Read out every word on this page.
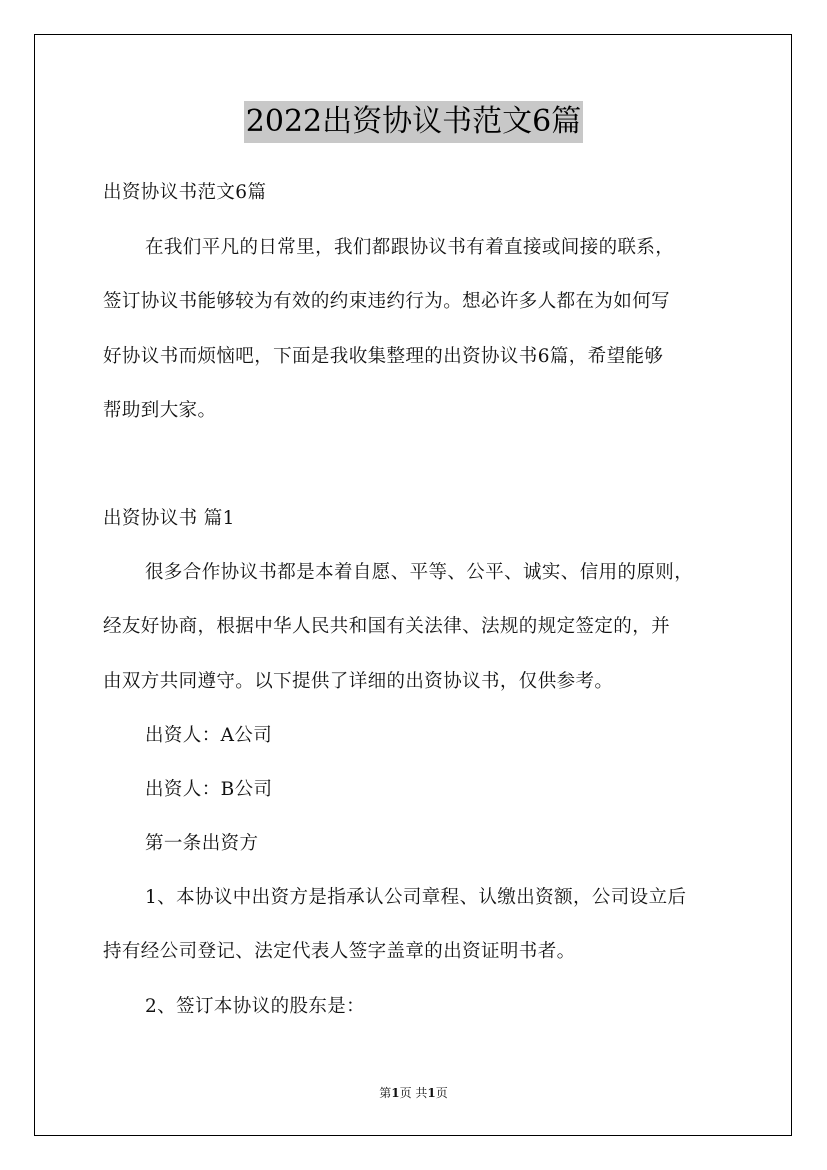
2022出资协议书范文6篇
出资协议书范文6篇
在我们平凡的日常里，我们都跟协议书有着直接或间接的联系，
签订协议书能够较为有效的约束违约行为。想必许多人都在为如何写
好协议书而烦恼吧，下面是我收集整理的出资协议书6篇，希望能够
帮助到大家。
出资协议书 篇1
很多合作协议书都是本着自愿、平等、公平、诚实、信用的原则，
经友好协商，根据中华人民共和国有关法律、法规的规定签定的，并
由双方共同遵守。以下提供了详细的出资协议书，仅供参考。
出资人：A公司
出资人：B公司
第一条出资方
1、本协议中出资方是指承认公司章程、认缴出资额，公司设立后
持有经公司登记、法定代表人签字盖章的出资证明书者。
2、签订本协议的股东是：
第1页 共1页
